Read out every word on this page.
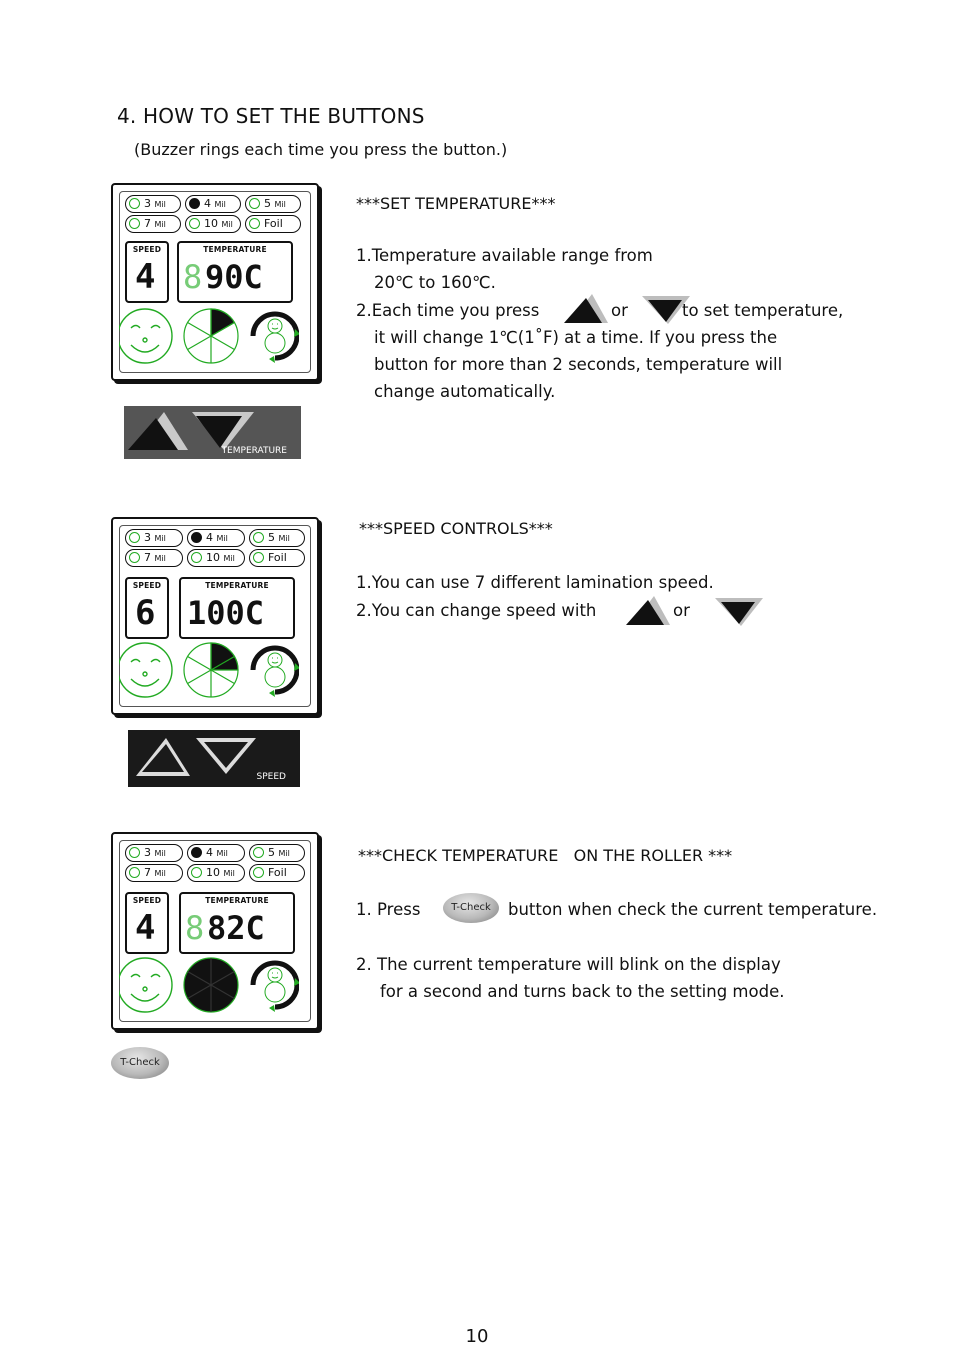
4. HOW TO SET THE BUTTONS
(Buzzer rings each time you press the button.)
3 Mil	4 Mil	5 Mil
7 Mil	10 Mil	Foil
SPEED
4
TEMPERATURE
8 90C
***SET TEMPERATURE***
1.Temperature available range from
20℃ to 160℃.
2.Each time you press	or	to set temperature,
it will change 1℃(1˚F) at a time. If you press the
button for more than 2 seconds, temperature will
change automatically.
TEMPERATURE
3 Mil	4 Mil	5 Mil
7 Mil	10 Mil	Foil
SPEED
6
TEMPERATURE
100C
***SPEED CONTROLS***
1.You can use 7 different lamination speed.
2.You can change speed with	or
SPEED
3 Mil	4 Mil	5 Mil
7 Mil	10 Mil	Foil
SPEED
4
TEMPERATURE
8 82C
***CHECK TEMPERATURE   ON THE ROLLER ***
1. Press	T-Check	button when check the current temperature.
2. The current temperature will blink on the display
for a second and turns back to the setting mode.
T-Check
10
